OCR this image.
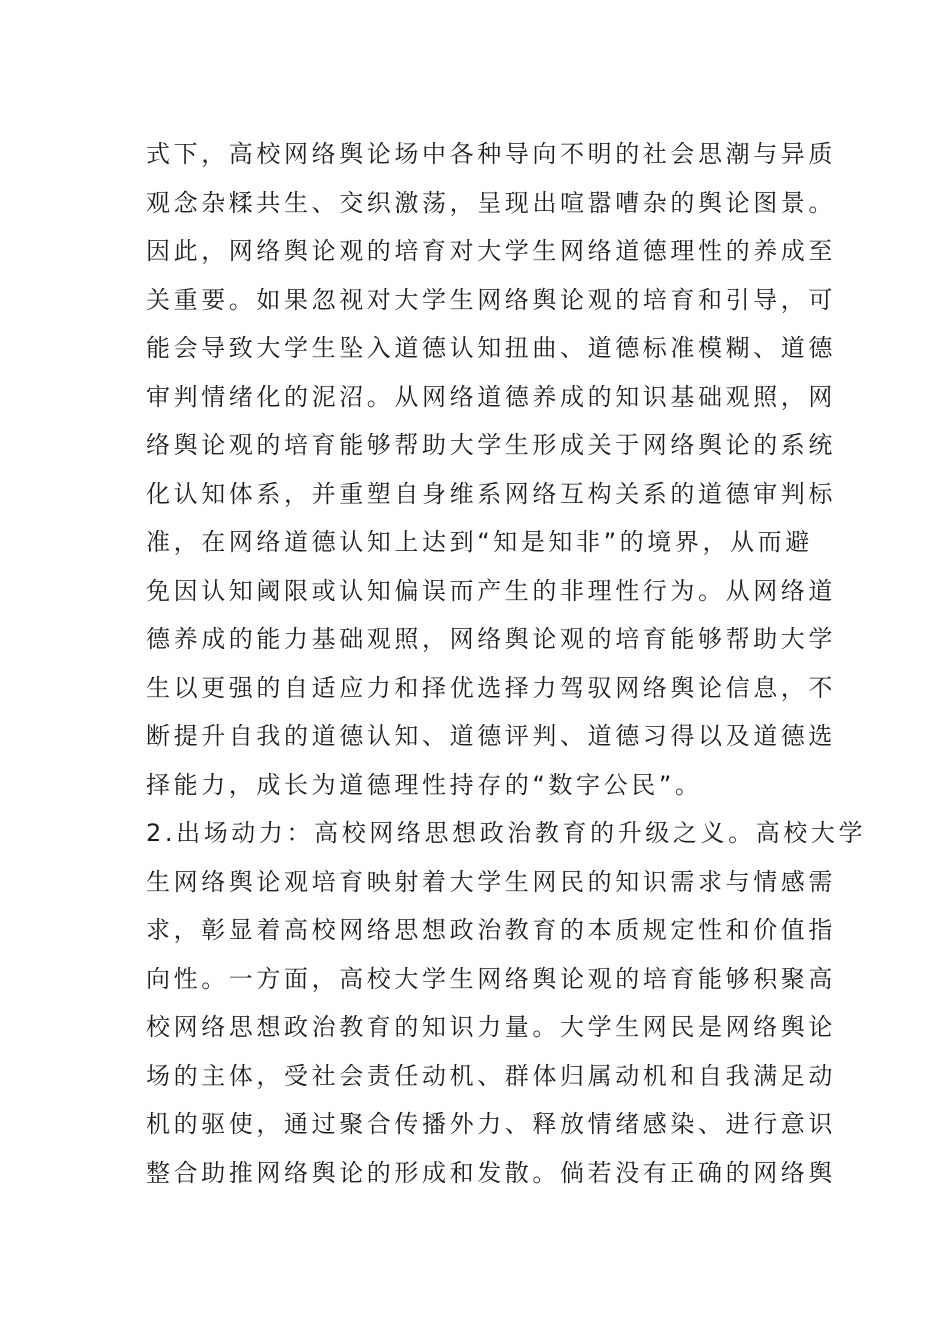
式下，高校网络舆论场中各种导向不明的社会思潮与异质
观念杂糅共生、交织激荡，呈现出喧嚣嘈杂的舆论图景。
因此，网络舆论观的培育对大学生网络道德理性的养成至
关重要。如果忽视对大学生网络舆论观的培育和引导，可
能会导致大学生坠入道德认知扭曲、道德标准模糊、道德
审判情绪化的泥沼。从网络道德养成的知识基础观照，网
络舆论观的培育能够帮助大学生形成关于网络舆论的系统
化认知体系，并重塑自身维系网络互构关系的道德审判标
准，在网络道德认知上达到“知是知非”的境界，从而避
免因认知阈限或认知偏误而产生的非理性行为。从网络道
德养成的能力基础观照，网络舆论观的培育能够帮助大学
生以更强的自适应力和择优选择力驾驭网络舆论信息，不
断提升自我的道德认知、道德评判、道德习得以及道德选
择能力，成长为道德理性持存的“数字公民”。
2.出场动力：高校网络思想政治教育的升级之义。高校大学
生网络舆论观培育映射着大学生网民的知识需求与情感需
求，彰显着高校网络思想政治教育的本质规定性和价值指
向性。一方面，高校大学生网络舆论观的培育能够积聚高
校网络思想政治教育的知识力量。大学生网民是网络舆论
场的主体，受社会责任动机、群体归属动机和自我满足动
机的驱使，通过聚合传播外力、释放情绪感染、进行意识
整合助推网络舆论的形成和发散。倘若没有正确的网络舆
